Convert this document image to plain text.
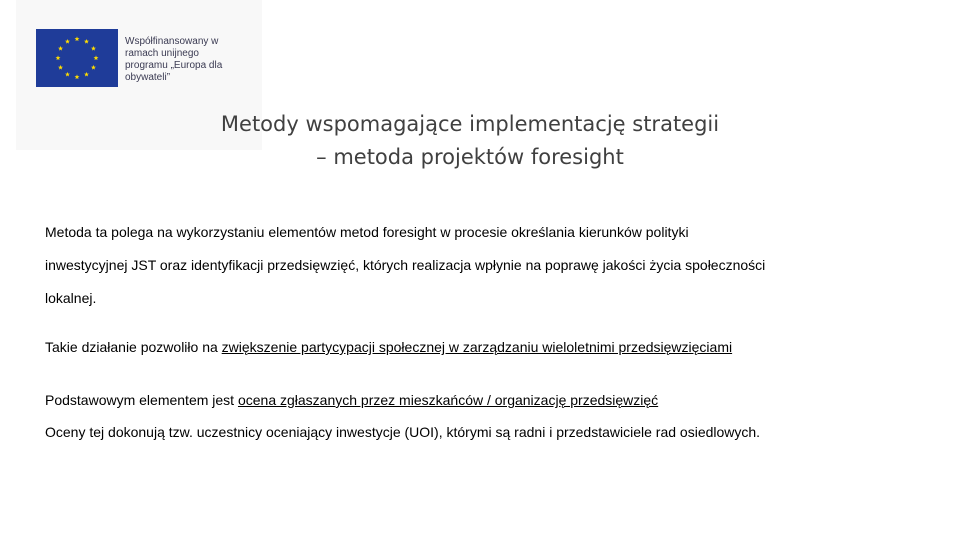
Współfinansowany w
ramach unijnego
programu „Europa dla
obywateli”
Metody wspomagające implementację strategii
– metoda projektów foresight
Metoda ta polega na wykorzystaniu elementów metod foresight w procesie określania kierunków polityki
inwestycyjnej JST oraz identyfikacji przedsięwzięć, których realizacja wpłynie na poprawę jakości życia społeczności
lokalnej.
Takie działanie pozwoliło na zwiększenie partycypacji społecznej w zarządzaniu wieloletnimi przedsięwzięciami
Podstawowym elementem jest ocena zgłaszanych przez mieszkańców / organizację przedsięwzięć
Oceny tej dokonują tzw. uczestnicy oceniający inwestycje (UOI), którymi są radni i przedstawiciele rad osiedlowych.
